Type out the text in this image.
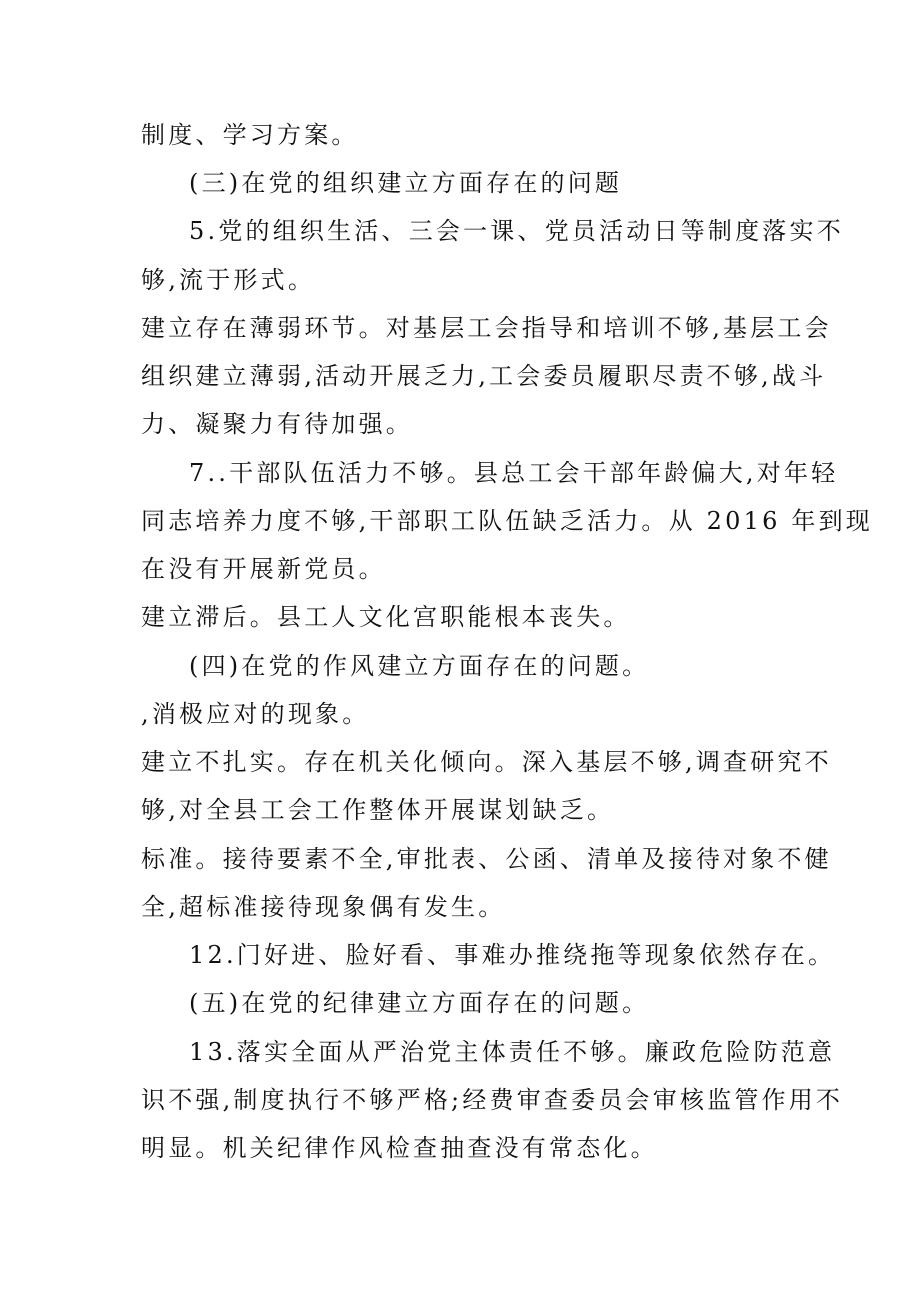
制度、学习方案。
(三)在党的组织建立方面存在的问题
5.党的组织生活、三会一课、党员活动日等制度落实不
够,流于形式。
建立存在薄弱环节。对基层工会指导和培训不够,基层工会
组织建立薄弱,活动开展乏力,工会委员履职尽责不够,战斗
力、凝聚力有待加强。
7..干部队伍活力不够。县总工会干部年龄偏大,对年轻
同志培养力度不够,干部职工队伍缺乏活力。从 2016 年到现
在没有开展新党员。
建立滞后。县工人文化宫职能根本丧失。
(四)在党的作风建立方面存在的问题。
,消极应对的现象。
建立不扎实。存在机关化倾向。深入基层不够,调查研究不
够,对全县工会工作整体开展谋划缺乏。
标准。接待要素不全,审批表、公函、清单及接待对象不健
全,超标准接待现象偶有发生。
12.门好进、脸好看、事难办推绕拖等现象依然存在。
(五)在党的纪律建立方面存在的问题。
13.落实全面从严治党主体责任不够。廉政危险防范意
识不强,制度执行不够严格;经费审查委员会审核监管作用不
明显。机关纪律作风检查抽查没有常态化。
